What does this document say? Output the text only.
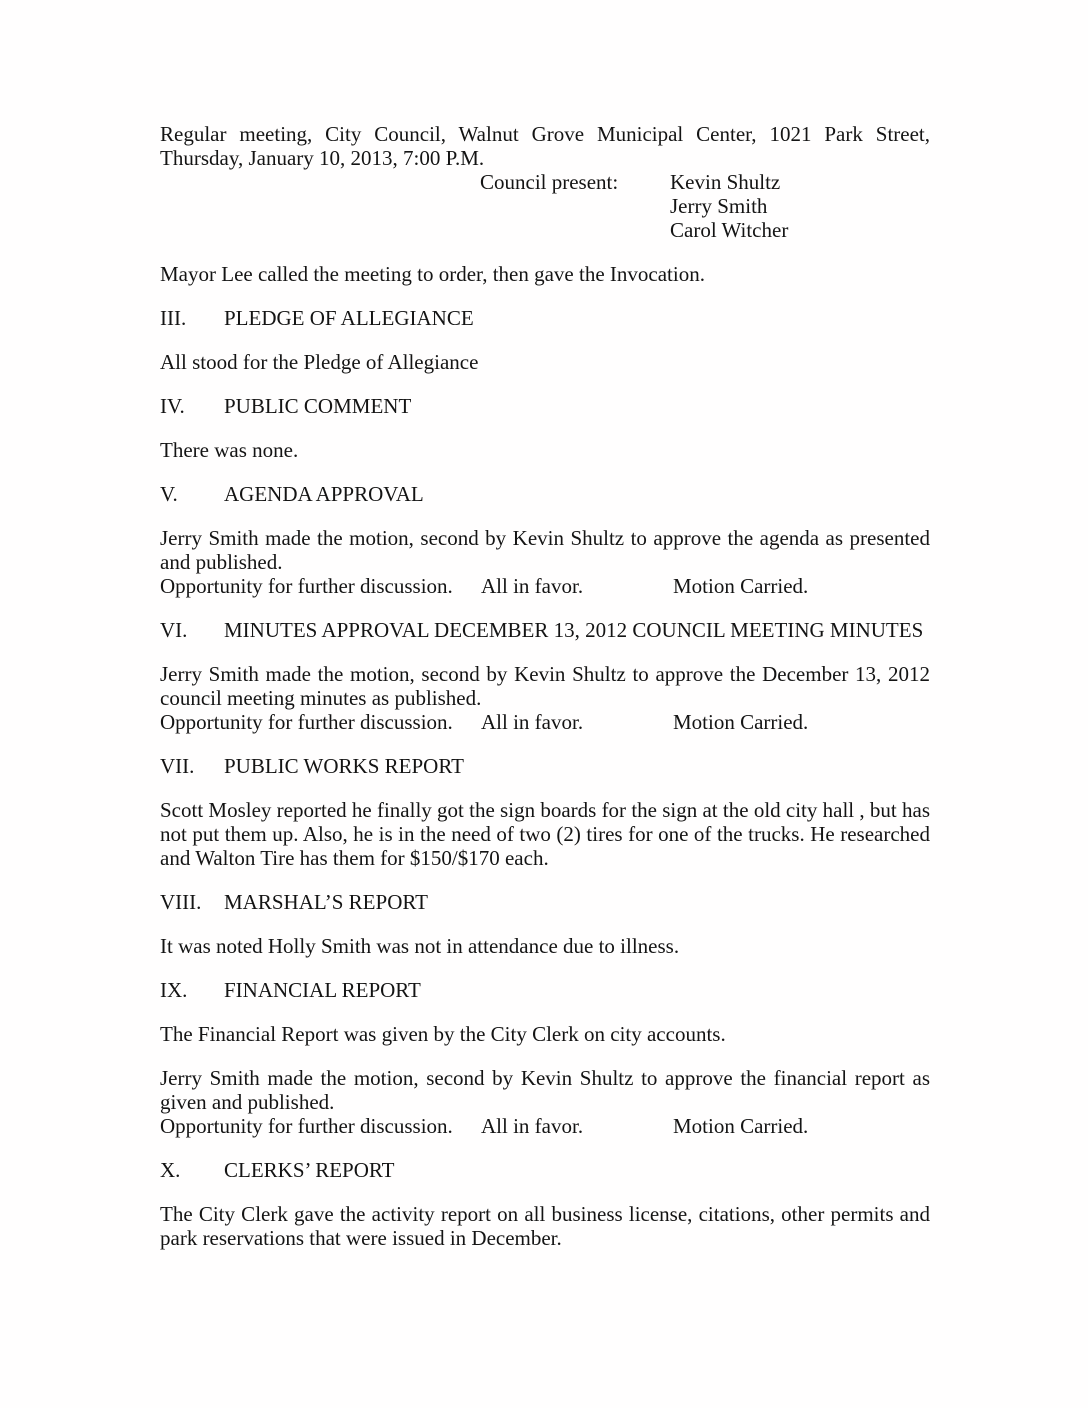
Regular meeting, City Council, Walnut Grove Municipal Center, 1021 Park Street, Thursday, January 10, 2013, 7:00 P.M.

Council present: Kevin Shultz
Jerry Smith
Carol Witcher

Mayor Lee called the meeting to order, then gave the Invocation.

III. PLEDGE OF ALLEGIANCE

All stood for the Pledge of Allegiance

IV. PUBLIC COMMENT

There was none.

V. AGENDA APPROVAL

Jerry Smith made the motion, second by Kevin Shultz to approve the agenda as presented and published.

Opportunity for further discussion. All in favor.	Motion Carried.
VI. MINUTES APPROVAL DECEMBER 13, 2012 COUNCIL MEETING MINUTES

Jerry Smith made the motion, second by Kevin Shultz to approve the December 13, 2012 council meeting minutes as published.

Opportunity for further discussion. All in favor.	Motion Carried.
VII. PUBLIC WORKS REPORT

Scott Mosley reported he finally got the sign boards for the sign at the old city hall , but has not put them up. Also, he is in the need of two (2) tires for one of the trucks. He researched and Walton Tire has them for $150/$170 each.

VIII. MARSHAL’S REPORT

It was noted Holly Smith was not in attendance due to illness.

IX. FINANCIAL REPORT

The Financial Report was given by the City Clerk on city accounts.

Jerry Smith made the motion, second by Kevin Shultz to approve the financial report as given and published.

Opportunity for further discussion. All in favor.	Motion Carried.
X. CLERKS’ REPORT

The City Clerk gave the activity report on all business license, citations, other permits and park reservations that were issued in December.
